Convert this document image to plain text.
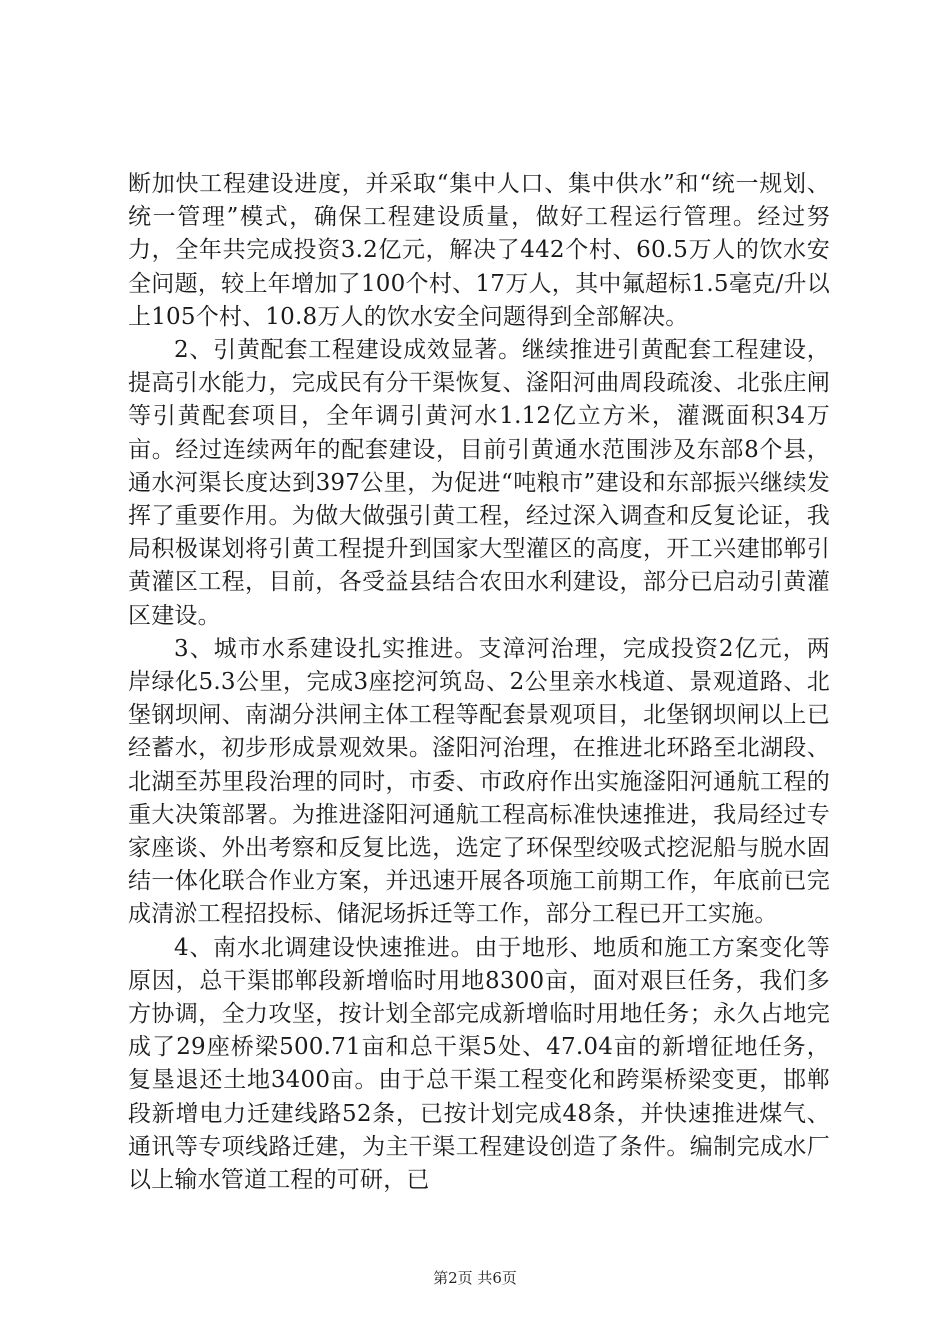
断加快工程建设进度，并采取“集中人口、集中供水”和“统一规划、统一管理”模式，确保工程建设质量，做好工程运行管理。经过努力，全年共完成投资3.2亿元，解决了442个村、60.5万人的饮水安全问题，较上年增加了100个村、17万人，其中氟超标1.5毫克/升以上105个村、10.8万人的饮水安全问题得到全部解决。

2、引黄配套工程建设成效显著。继续推进引黄配套工程建设，提高引水能力，完成民有分干渠恢复、滏阳河曲周段疏浚、北张庄闸等引黄配套项目，全年调引黄河水1.12亿立方米，灌溉面积34万亩。经过连续两年的配套建设，目前引黄通水范围涉及东部8个县，通水河渠长度达到397公里，为促进“吨粮市”建设和东部振兴继续发挥了重要作用。为做大做强引黄工程，经过深入调查和反复论证，我局积极谋划将引黄工程提升到国家大型灌区的高度，开工兴建邯郸引黄灌区工程，目前，各受益县结合农田水利建设，部分已启动引黄灌区建设。

3、城市水系建设扎实推进。支漳河治理，完成投资2亿元，两岸绿化5.3公里，完成3座挖河筑岛、2公里亲水栈道、景观道路、北堡钢坝闸、南湖分洪闸主体工程等配套景观项目，北堡钢坝闸以上已经蓄水，初步形成景观效果。滏阳河治理，在推进北环路至北湖段、北湖至苏里段治理的同时，市委、市政府作出实施滏阳河通航工程的重大决策部署。为推进滏阳河通航工程高标准快速推进，我局经过专家座谈、外出考察和反复比选，选定了环保型绞吸式挖泥船与脱水固结一体化联合作业方案，并迅速开展各项施工前期工作，年底前已完成清淤工程招投标、储泥场拆迁等工作，部分工程已开工实施。

4、南水北调建设快速推进。由于地形、地质和施工方案变化等原因，总干渠邯郸段新增临时用地8300亩，面对艰巨任务，我们多方协调，全力攻坚，按计划全部完成新增临时用地任务；永久占地完成了29座桥梁500.71亩和总干渠5处、47.04亩的新增征地任务，复垦退还土地3400亩。由于总干渠工程变化和跨渠桥梁变更，邯郸段新增电力迁建线路52条，已按计划完成48条，并快速推进煤气、通讯等专项线路迁建，为主干渠工程建设创造了条件。编制完成水厂以上输水管道工程的可研，已

第2页 共6页
